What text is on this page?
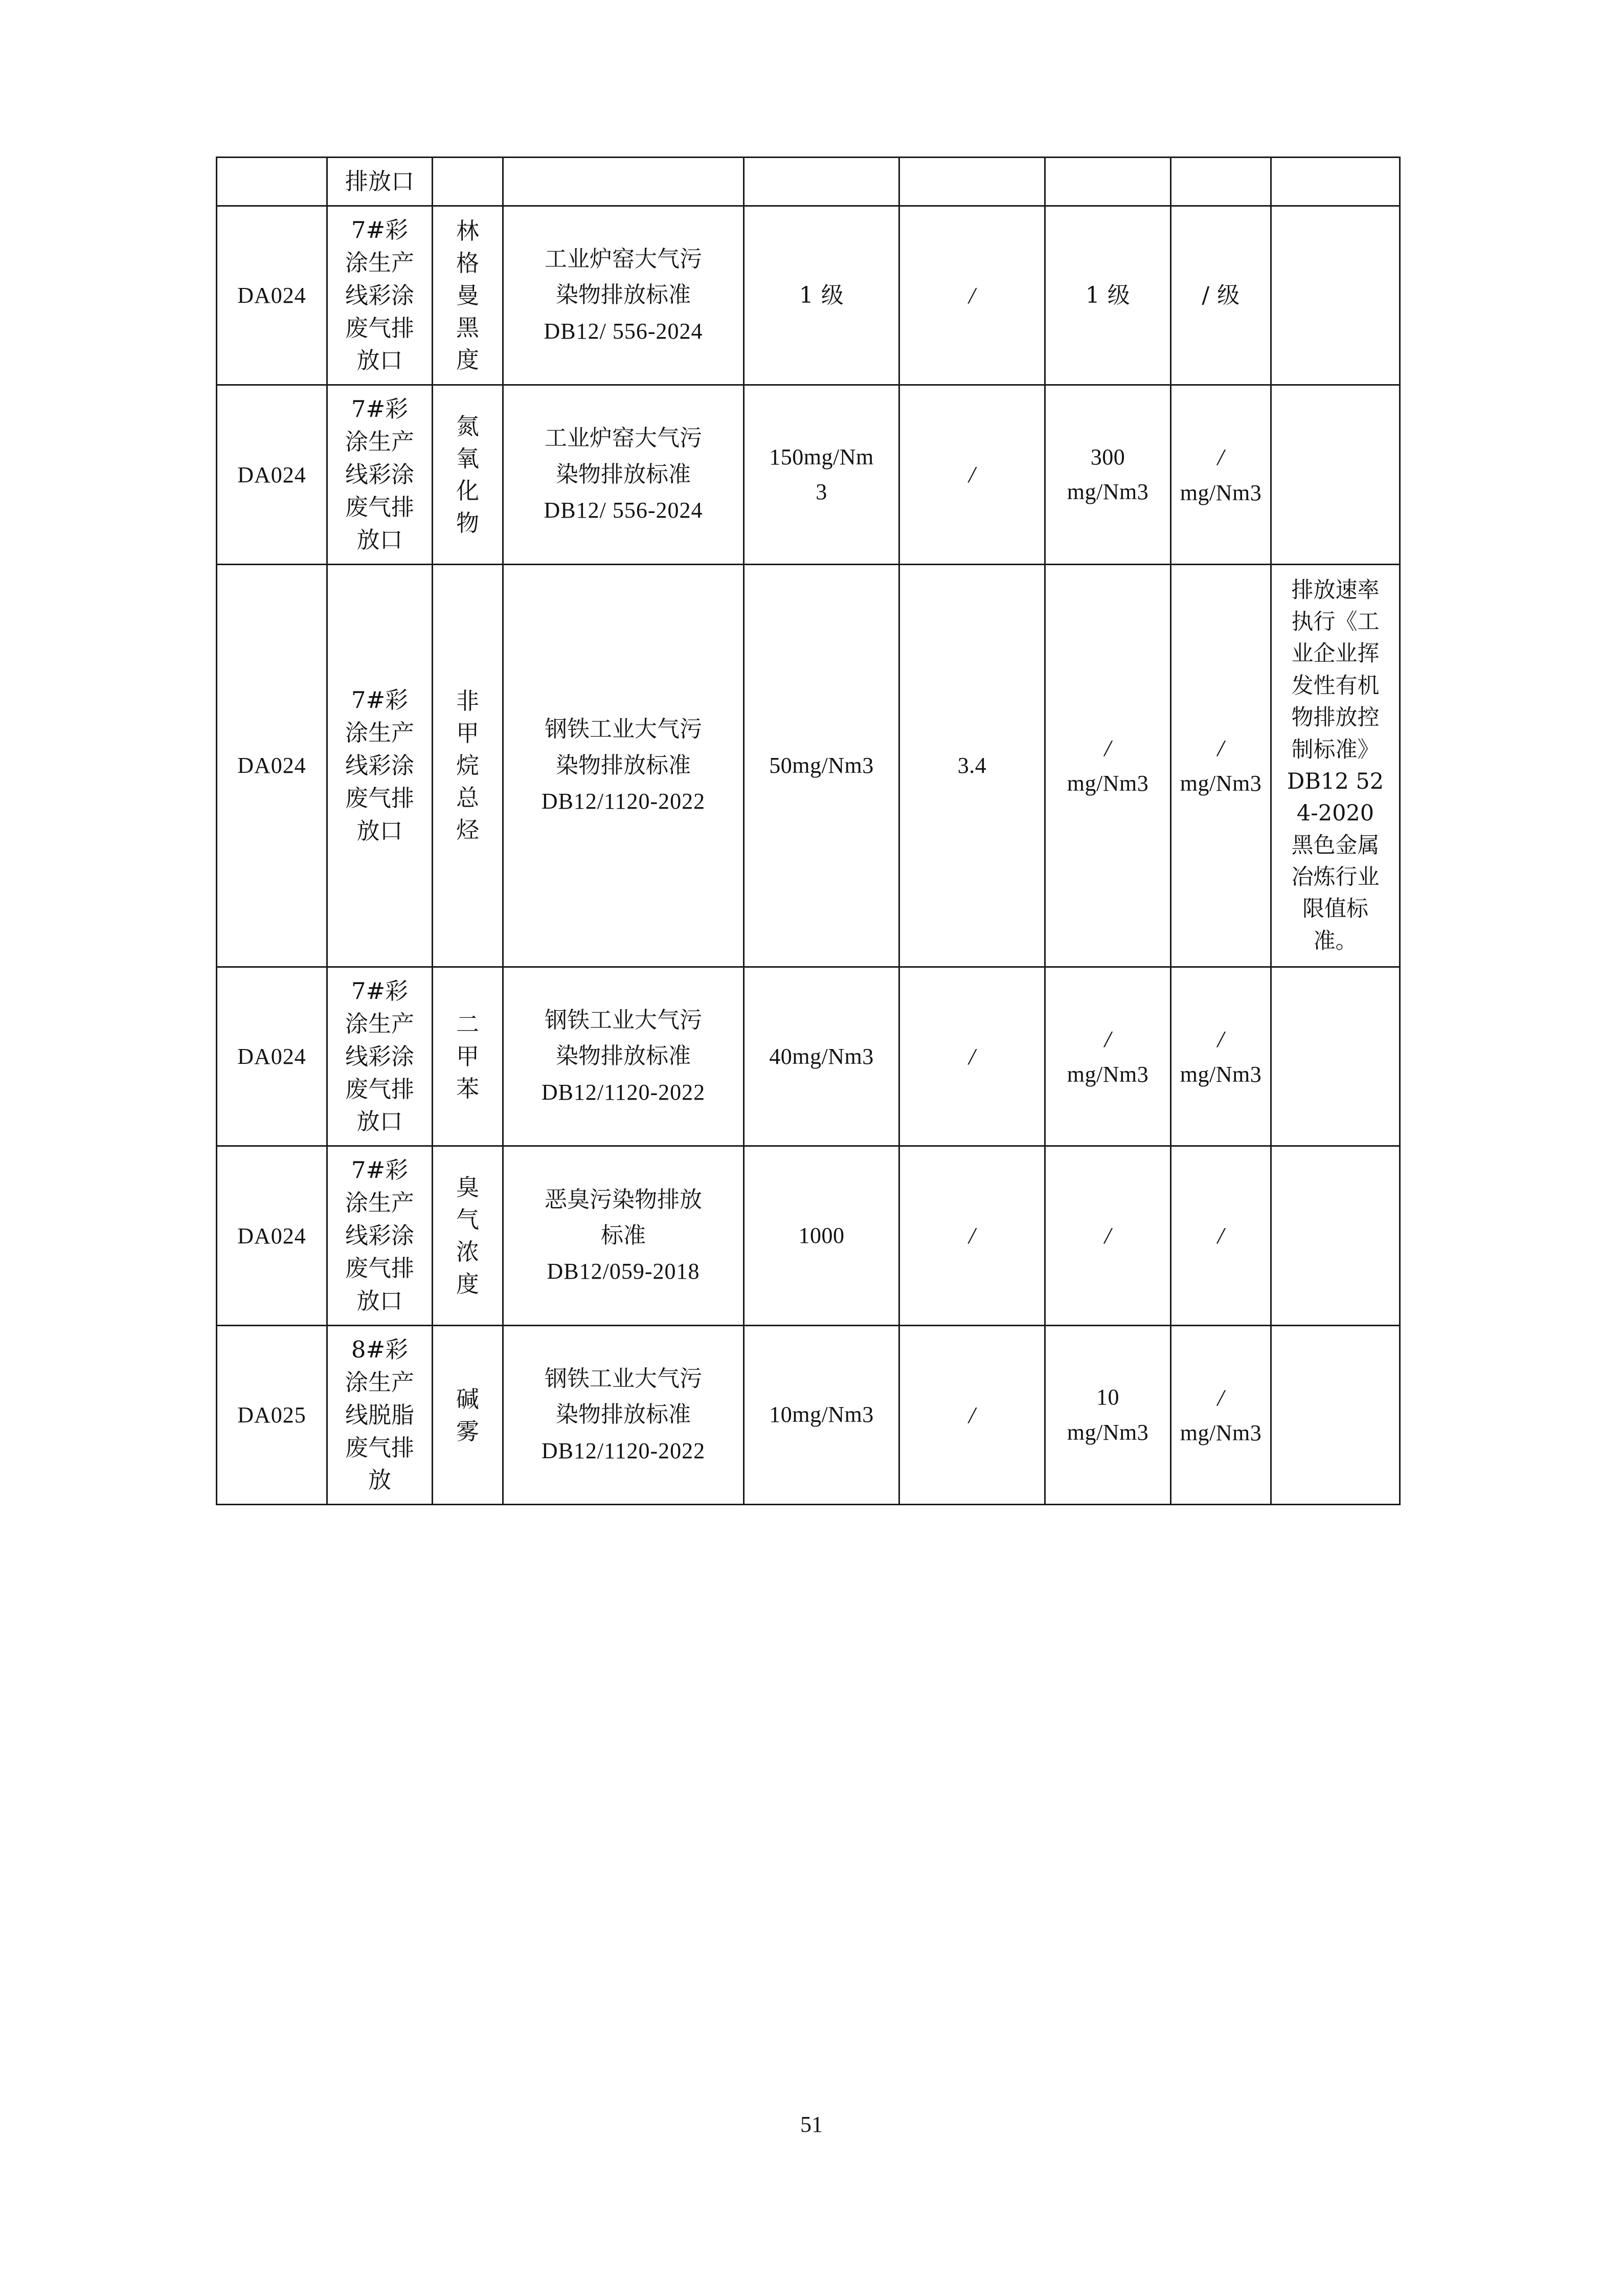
	排放口							

DA024	7#彩涂生产线彩涂废气排放口	林格曼黑度	工业炉窑大气污
染物排放标准
DB12/ 556-2024	1 级	/	1 级	/ 级	

DA024	7#彩涂生产线彩涂废气排放口	氮氧化物	工业炉窑大气污
染物排放标准
DB12/ 556-2024	150mg/Nm
3	/	300
mg/Nm3	/
mg/Nm3	

DA024	7#彩涂生产线彩涂废气排放口	非甲烷总烃	钢铁工业大气污
染物排放标准
DB12/1120-2022	50mg/Nm3	3.4	/
mg/Nm3	/
mg/Nm3	排放速率执行《工业企业挥发性有机物排放控制标准》DB12 524-2020 黑色金属冶炼行业限值标准。

DA024	7#彩涂生产线彩涂废气排放口	二甲苯	钢铁工业大气污
染物排放标准
DB12/1120-2022	40mg/Nm3	/	/
mg/Nm3	/
mg/Nm3	

DA024	7#彩涂生产线彩涂废气排放口	臭气浓度	恶臭污染物排放
标准
DB12/059-2018	1000	/	/	/	

DA025	8#彩涂生产线脱脂废气排放	碱雾	钢铁工业大气污
染物排放标准
DB12/1120-2022	10mg/Nm3	/	10
mg/Nm3	/
mg/Nm3	

51
